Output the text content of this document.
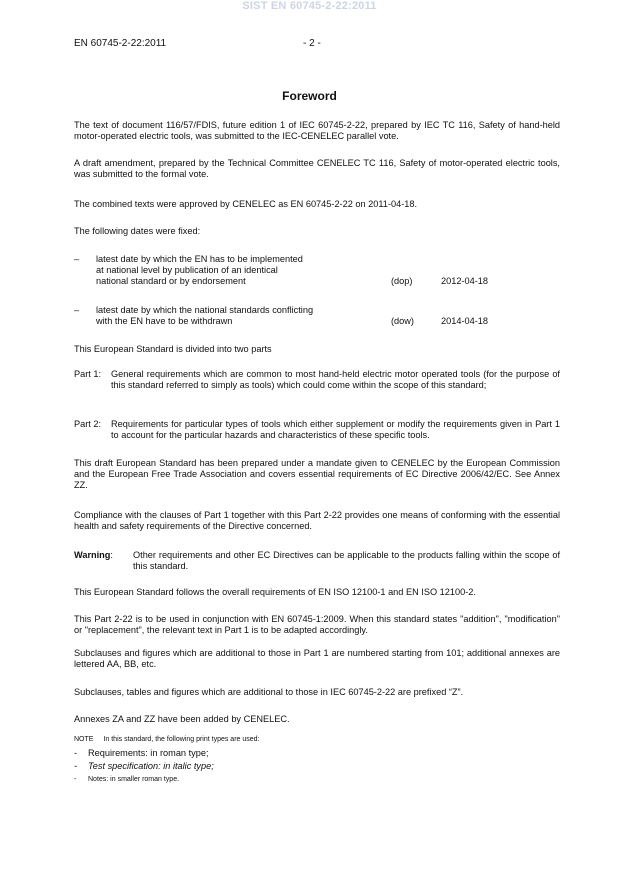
SIST EN 60745-2-22:2011
EN 60745-2-22:2011	- 2 -
Foreword

The text of document 116/57/FDIS, future edition 1 of IEC 60745-2-22, prepared by IEC TC 116, Safety of hand-held motor-operated electric tools, was submitted to the IEC-CENELEC parallel vote.

A draft amendment, prepared by the Technical Committee CENELEC TC 116, Safety of motor-operated electric tools, was submitted to the formal vote.

The combined texts were approved by CENELEC as EN 60745-2-22 on 2011-04-18.

The following dates were fixed:

– latest date by which the EN has to be implemented
at national level by publication of an identical
national standard or by endorsement	(dop)	2012-04-18
– latest date by which the national standards conflicting
with the EN have to be withdrawn	(dow)	2014-04-18

This European Standard is divided into two parts

Part 1: General requirements which are common to most hand-held electric motor operated tools (for the purpose of this standard referred to simply as tools) which could come within the scope of this standard;
Part 2: Requirements for particular types of tools which either supplement or modify the requirements given in Part 1 to account for the particular hazards and characteristics of these specific tools.

This draft European Standard has been prepared under a mandate given to CENELEC by the European Commission and the European Free Trade Association and covers essential requirements of EC Directive 2006/42/EC. See Annex ZZ.

Compliance with the clauses of Part 1 together with this Part 2-22 provides one means of conforming with the essential health and safety requirements of the Directive concerned.

Warning: Other requirements and other EC Directives can be applicable to the products falling within the scope of this standard.

This European Standard follows the overall requirements of EN ISO 12100-1 and EN ISO 12100-2.

This Part 2-22 is to be used in conjunction with EN 60745-1:2009. When this standard states "addition", "modification" or "replacement", the relevant text in Part 1 is to be adapted accordingly.

Subclauses and figures which are additional to those in Part 1 are numbered starting from 101; additional annexes are lettered AA, BB, etc.

Subclauses, tables and figures which are additional to those in IEC 60745-2-22 are prefixed “Z”.

Annexes ZA and ZZ have been added by CENELEC.

NOTE In this standard, the following print types are used:
- Requirements: in roman type;
- Test specification: in italic type;
- Notes: in smaller roman type.
